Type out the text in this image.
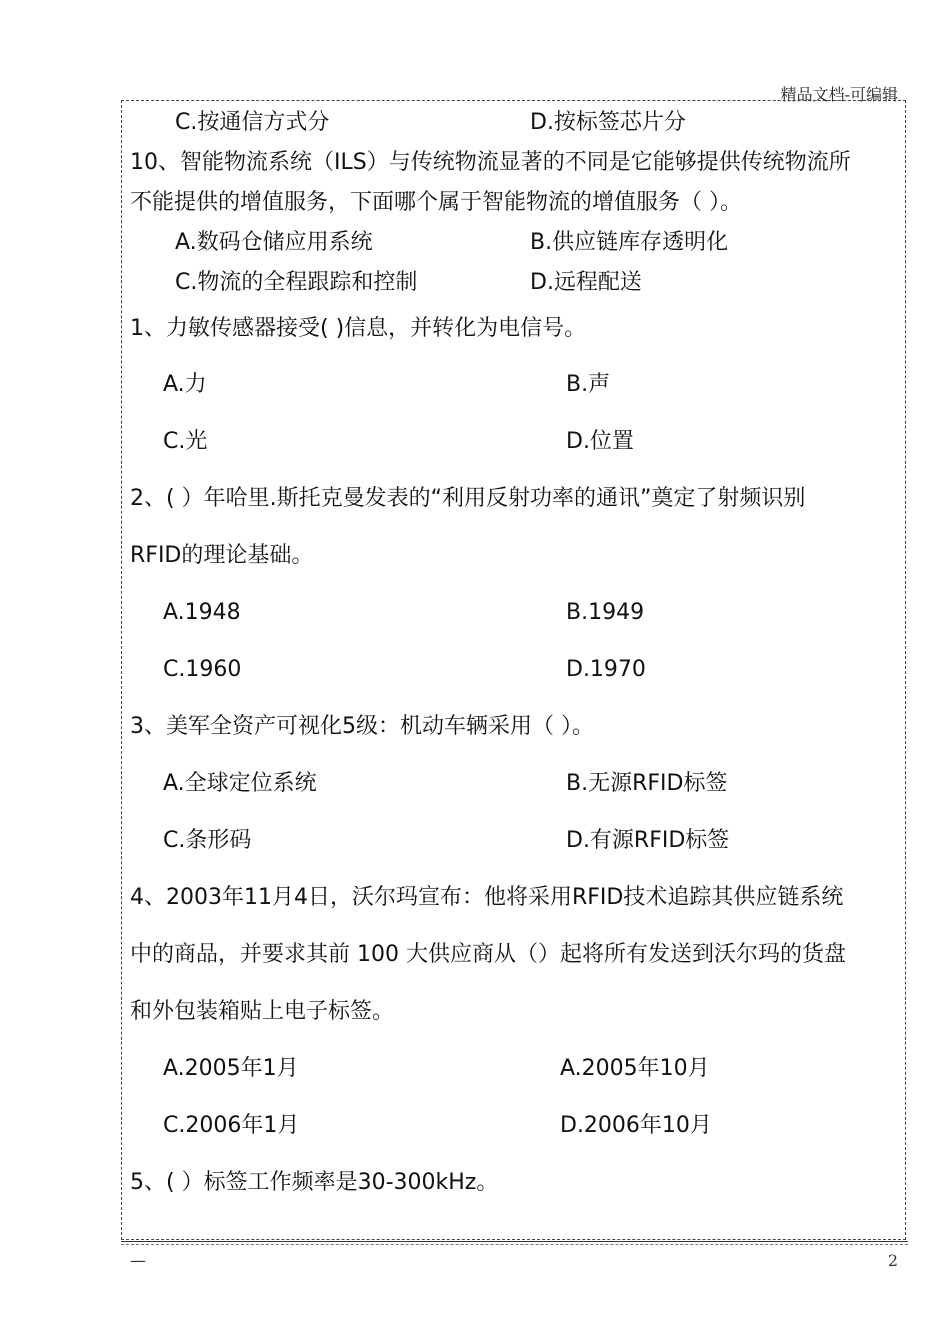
精品文档-可编辑
C.按通信方式分	D.按标签芯片分
10、智能物流系统（ILS）与传统物流显著的不同是它能够提供传统物流所
不能提供的增值服务，下面哪个属于智能物流的增值服务（ ）。
A.数码仓储应用系统	B.供应链库存透明化
C.物流的全程跟踪和控制	D.远程配送
1、力敏传感器接受( )信息，并转化为电信号。
A.力	B.声
C.光	D.位置
2、( ）年哈里.斯托克曼发表的“利用反射功率的通讯”奠定了射频识别
RFID的理论基础。
A.1948	B.1949
C.1960	D.1970
3、美军全资产可视化5级：机动车辆采用（ ）。
A.全球定位系统	B.无源RFID标签
C.条形码	D.有源RFID标签
4、2003年11月4日，沃尔玛宣布：他将采用RFID技术追踪其供应链系统
中的商品，并要求其前 100 大供应商从（）起将所有发送到沃尔玛的货盘
和外包装箱贴上电子标签。
A.2005年1月	A.2005年10月
C.2006年1月	D.2006年10月
5、( ）标签工作频率是30-300kHz。
—	2
